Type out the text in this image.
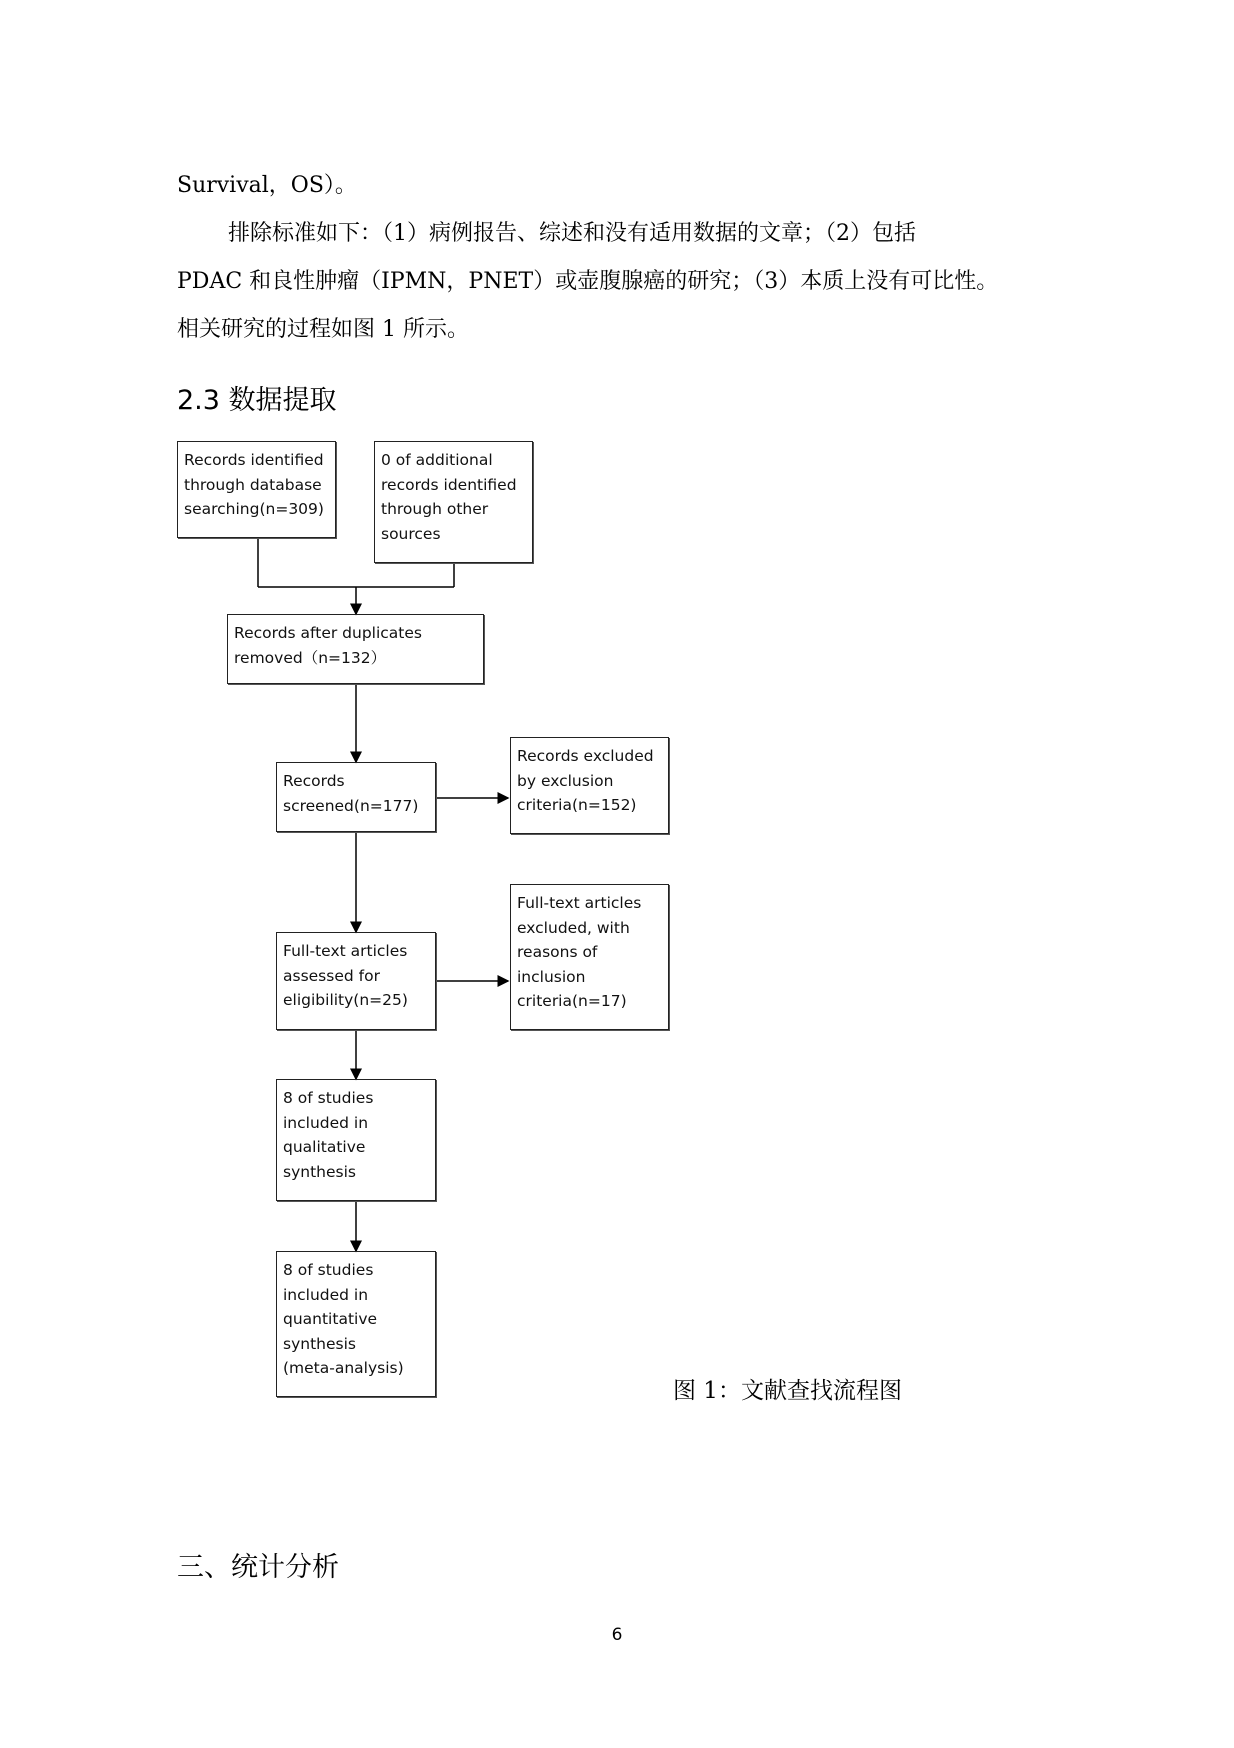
Survival，OS）。
排除标准如下：（1）病例报告、综述和没有适用数据的文章；（2）包括
PDAC 和良性肿瘤（IPMN，PNET）或壶腹腺癌的研究；（3）本质上没有可比性。
相关研究的过程如图 1 所示。
2.3 数据提取
Records identified
through database
searching(n=309)
0 of additional
records identified
through other
sources
Records after duplicates
removed（n=132）
Records
screened(n=177)
Records excluded
by exclusion
criteria(n=152)
Full-text articles
assessed for
eligibility(n=25)
Full-text articles
excluded, with
reasons of
inclusion
criteria(n=17)
8 of studies
included in
qualitative
synthesis
8 of studies
included in
quantitative
synthesis
(meta-analysis)
图 1：文献查找流程图
三、统计分析
6
